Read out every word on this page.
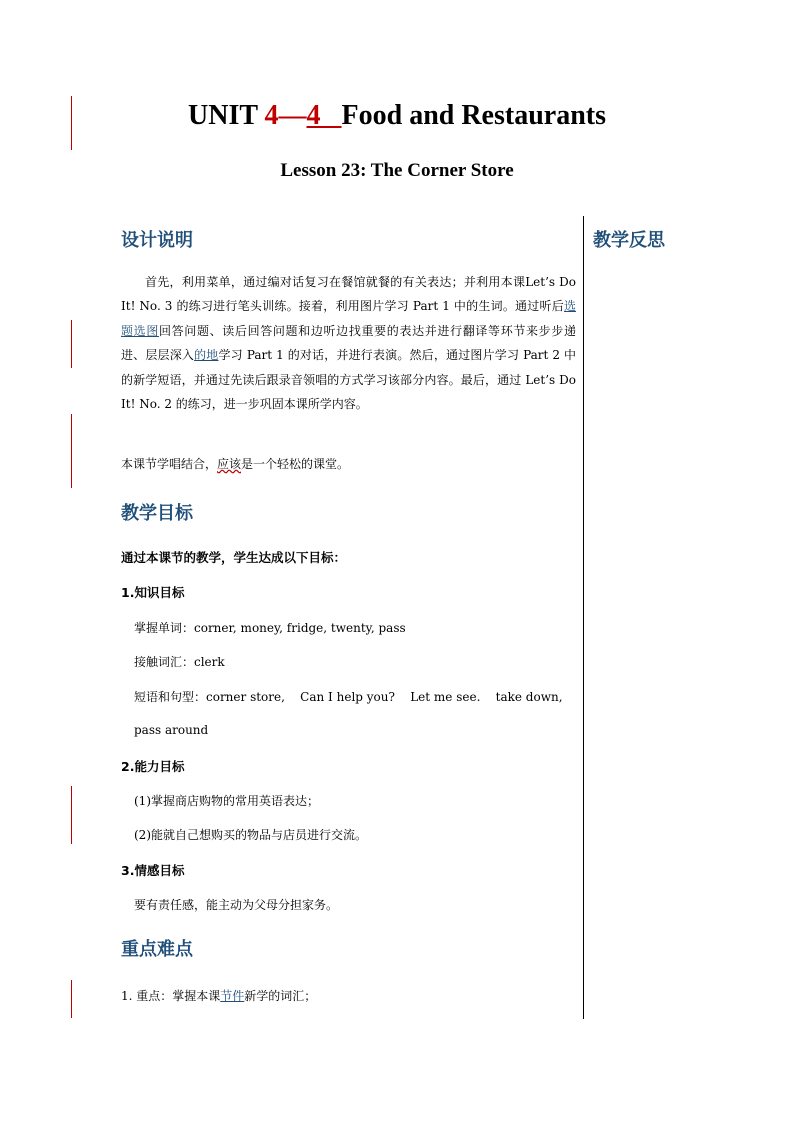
UNIT 4—4 Food and Restaurants
Lesson 23: The Corner Store
教学反思
设计说明
首先，利用菜单，通过编对话复习在餐馆就餐的有关表达；并利用本课Let’s Do It! No. 3 的练习进行笔头训练。接着，利用图片学习 Part 1 中的生词。通过听后选题选图回答问题、读后回答问题和边听边找重要的表达并进行翻译等环节来步步递进、层层深入的地学习 Part 1 的对话，并进行表演。然后，通过图片学习 Part 2 中的新学短语，并通过先读后跟录音领唱的方式学习该部分内容。最后，通过 Let’s Do It! No. 2 的练习，进一步巩固本课所学内容。
本课节学唱结合，应该是一个轻松的课堂。
教学目标
通过本课节的教学，学生达成以下目标：
1.知识目标
掌握单词：corner, money, fridge, twenty, pass
接触词汇：clerk
短语和句型：corner store,    Can I help you?    Let me see.    take down,
pass around
2.能力目标
(1)掌握商店购物的常用英语表达；
(2)能就自己想购买的物品与店员进行交流。
3.情感目标
要有责任感，能主动为父母分担家务。
重点难点
1. 重点：掌握本课节件新学的词汇；
